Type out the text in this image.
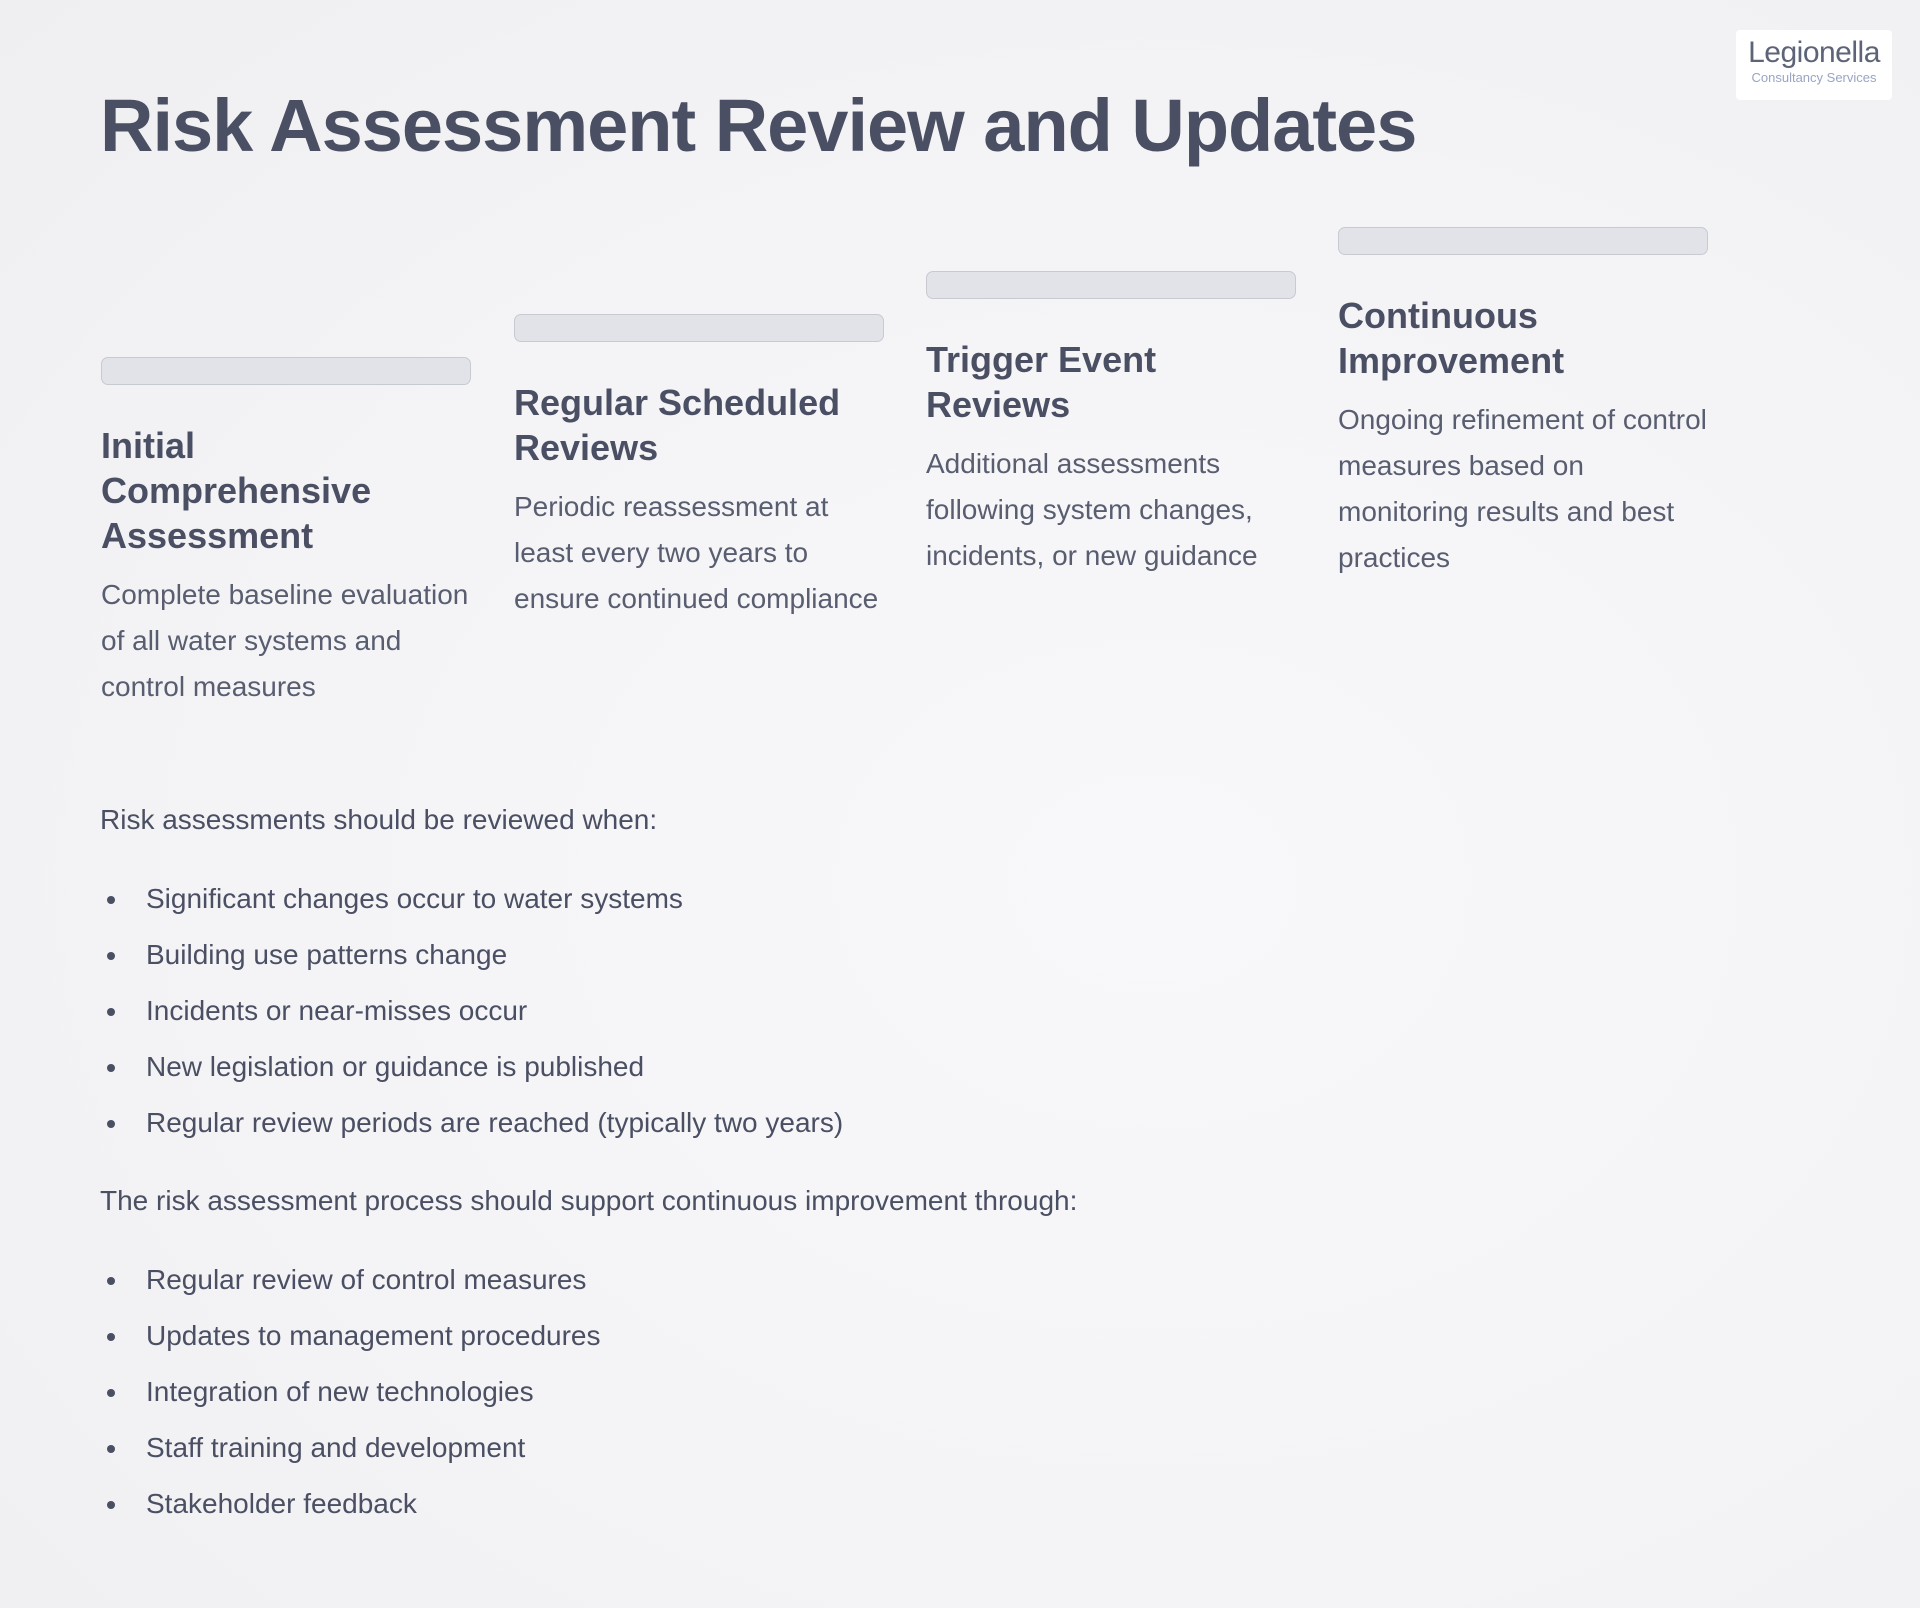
Legionella
Consultancy Services
Risk Assessment Review and Updates
Initial Comprehensive Assessment

Complete baseline evaluation of all water systems and control measures

Regular Scheduled Reviews

Periodic reassessment at least every two years to ensure continued compliance

Trigger Event Reviews

Additional assessments following system changes, incidents, or new guidance

Continuous Improvement

Ongoing refinement of control measures based on monitoring results and best practices

Risk assessments should be reviewed when:

Significant changes occur to water systems
Building use patterns change
Incidents or near-misses occur
New legislation or guidance is published
Regular review periods are reached (typically two years)

The risk assessment process should support continuous improvement through:

Regular review of control measures
Updates to management procedures
Integration of new technologies
Staff training and development
Stakeholder feedback
